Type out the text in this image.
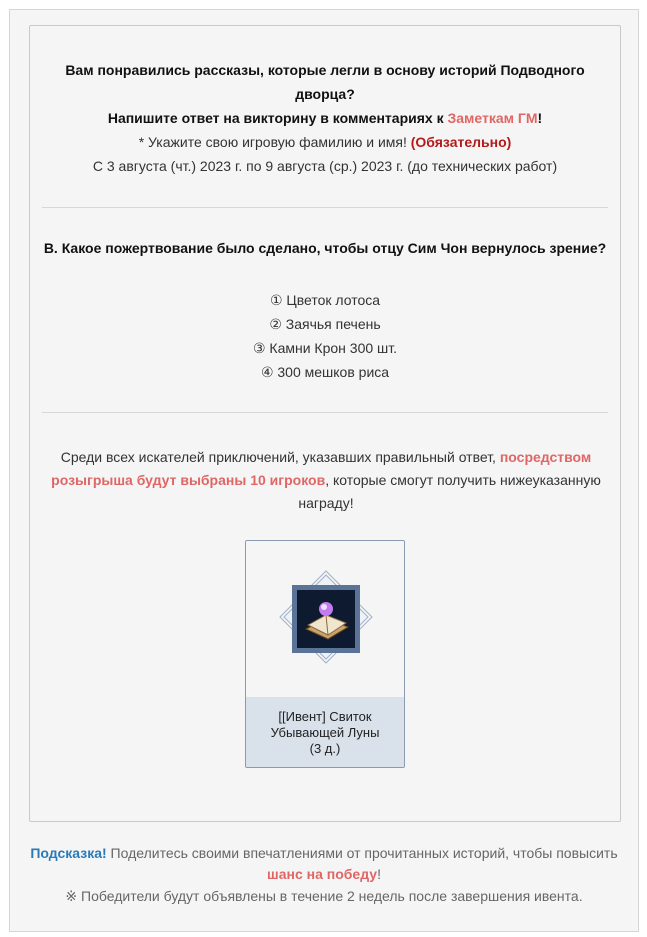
Вам понравились рассказы, которые легли в основу историй Подводного
дворца?
Напишите ответ на викторину в комментариях к Заметкам ГМ!
* Укажите свою игровую фамилию и имя! (Обязательно)
С 3 августа (чт.) 2023 г. по 9 августа (ср.) 2023 г. (до технических работ)
В. Какое пожертвование было сделано, чтобы отцу Сим Чон вернулось зрение?
① Цветок лотоса
② Заячья печень
③ Камни Крон 300 шт.
④ 300 мешков риса
Среди всех искателей приключений, указавших правильный ответ, посредством розыгрыша будут выбраны 10 игроков, которые смогут получить нижеуказанную награду!
[[Ивент] Свиток
Убывающей Луны
(3 д.)
Подсказка! Поделитесь своими впечатлениями от прочитанных историй, чтобы повысить
шанс на победу!
※ Победители будут объявлены в течение 2 недель после завершения ивента.
